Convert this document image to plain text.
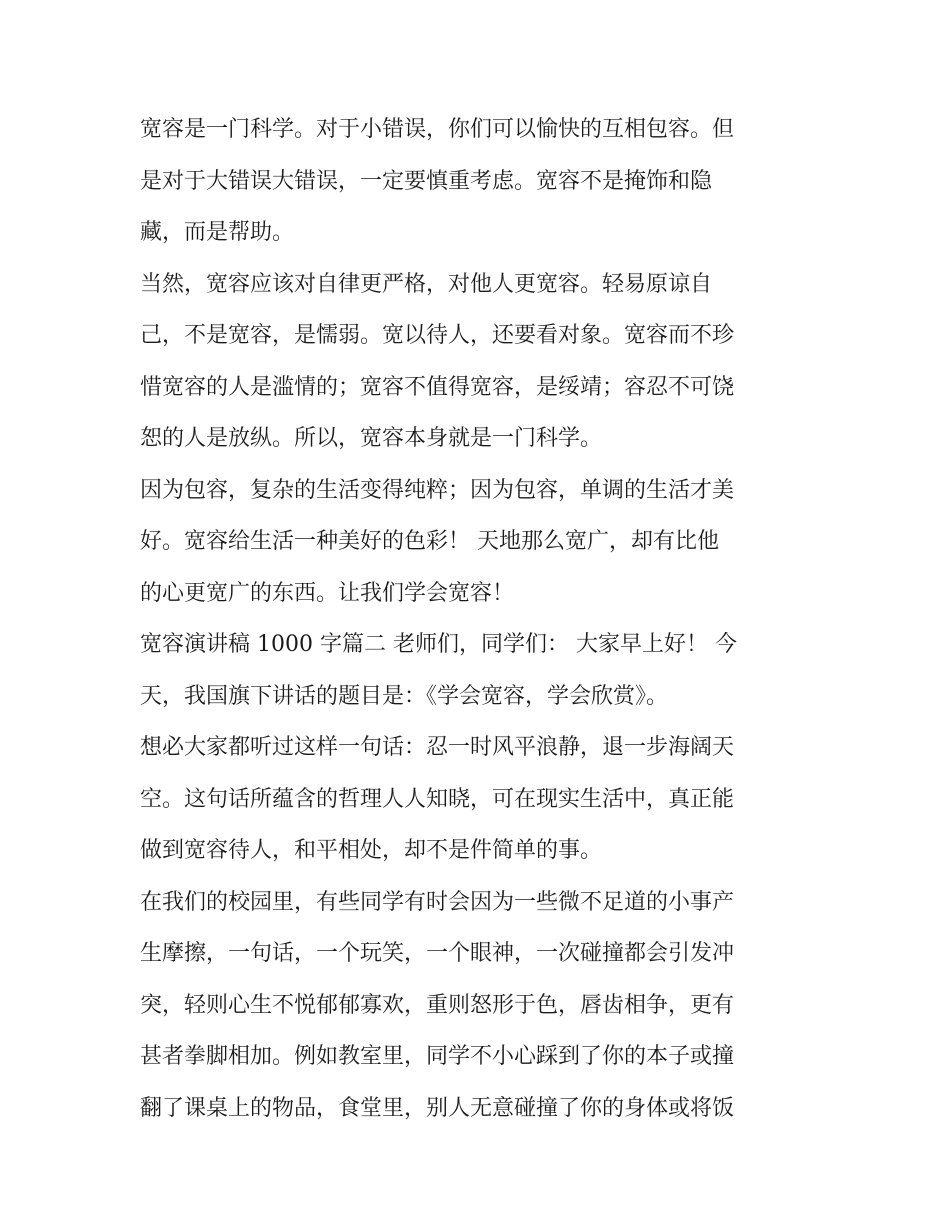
宽容是一门科学。对于小错误，你们可以愉快的互相包容。但
是对于大错误大错误，一定要慎重考虑。宽容不是掩饰和隐
藏，而是帮助。
当然，宽容应该对自律更严格，对他人更宽容。轻易原谅自
己，不是宽容，是懦弱。宽以待人，还要看对象。宽容而不珍
惜宽容的人是滥情的；宽容不值得宽容，是绥靖；容忍不可饶
恕的人是放纵。所以，宽容本身就是一门科学。
因为包容，复杂的生活变得纯粹；因为包容，单调的生活才美
好。宽容给生活一种美好的色彩！ 天地那么宽广，却有比他
的心更宽广的东西。让我们学会宽容！
宽容演讲稿 1000 字篇二 老师们，同学们： 大家早上好！ 今
天，我国旗下讲话的题目是：《学会宽容，学会欣赏》。
想必大家都听过这样一句话：忍一时风平浪静，退一步海阔天
空。这句话所蕴含的哲理人人知晓，可在现实生活中，真正能
做到宽容待人，和平相处，却不是件简单的事。
在我们的校园里，有些同学有时会因为一些微不足道的小事产
生摩擦，一句话，一个玩笑，一个眼神，一次碰撞都会引发冲
突，轻则心生不悦郁郁寡欢，重则怒形于色，唇齿相争，更有
甚者拳脚相加。例如教室里，同学不小心踩到了你的本子或撞
翻了课桌上的物品，食堂里，别人无意碰撞了你的身体或将饭
